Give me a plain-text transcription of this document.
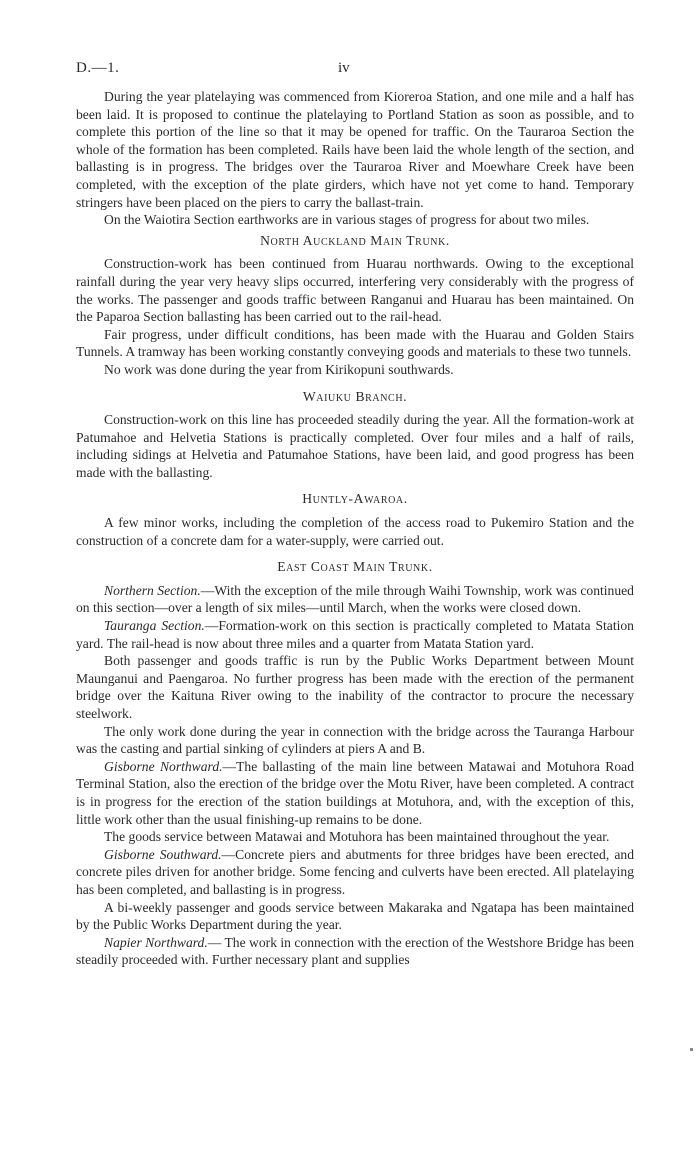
D.—1.	iv

During the year platelaying was commenced from Kioreroa Station, and one mile and a half has been laid. It is proposed to continue the platelaying to Portland Station as soon as possible, and to complete this portion of the line so that it may be opened for traffic. On the Tauraroa Section the whole of the formation has been completed. Rails have been laid the whole length of the section, and ballasting is in progress. The bridges over the Tauraroa River and Moewhare Creek have been completed, with the exception of the plate girders, which have not yet come to hand. Temporary stringers have been placed on the piers to carry the ballast-train.

On the Waiotira Section earthworks are in various stages of progress for about two miles.

North Auckland Main Trunk.

Construction-work has been continued from Huarau northwards. Owing to the exceptional rainfall during the year very heavy slips occurred, interfering very considerably with the progress of the works. The passenger and goods traffic between Ranganui and Huarau has been maintained. On the Paparoa Section ballasting has been carried out to the rail-head.

Fair progress, under difficult conditions, has been made with the Huarau and Golden Stairs Tunnels. A tramway has been working constantly conveying goods and materials to these two tunnels.

No work was done during the year from Kirikopuni southwards.

Waiuku Branch.

Construction-work on this line has proceeded steadily during the year. All the formation-work at Patumahoe and Helvetia Stations is practically completed. Over four miles and a half of rails, including sidings at Helvetia and Patumahoe Stations, have been laid, and good progress has been made with the ballasting.

Huntly-Awaroa.

A few minor works, including the completion of the access road to Pukemiro Station and the construction of a concrete dam for a water-supply, were carried out.

East Coast Main Trunk.

Northern Section.—With the exception of the mile through Waihi Township, work was continued on this section—over a length of six miles—until March, when the works were closed down.

Tauranga Section.—Formation-work on this section is practically completed to Matata Station yard. The rail-head is now about three miles and a quarter from Matata Station yard.

Both passenger and goods traffic is run by the Public Works Department between Mount Maunganui and Paengaroa. No further progress has been made with the erection of the permanent bridge over the Kaituna River owing to the inability of the contractor to procure the necessary steelwork.

The only work done during the year in connection with the bridge across the Tauranga Harbour was the casting and partial sinking of cylinders at piers A and B.

Gisborne Northward.—The ballasting of the main line between Matawai and Motuhora Road Terminal Station, also the erection of the bridge over the Motu River, have been completed. A contract is in progress for the erection of the station buildings at Motuhora, and, with the exception of this, little work other than the usual finishing-up remains to be done.

The goods service between Matawai and Motuhora has been maintained throughout the year.

Gisborne Southward.—Concrete piers and abutments for three bridges have been erected, and concrete piles driven for another bridge. Some fencing and culverts have been erected. All platelaying has been completed, and ballasting is in progress.

A bi-weekly passenger and goods service between Makaraka and Ngatapa has been maintained by the Public Works Department during the year.

Napier Northward.— The work in connection with the erection of the Westshore Bridge has been steadily proceeded with. Further necessary plant and supplies
